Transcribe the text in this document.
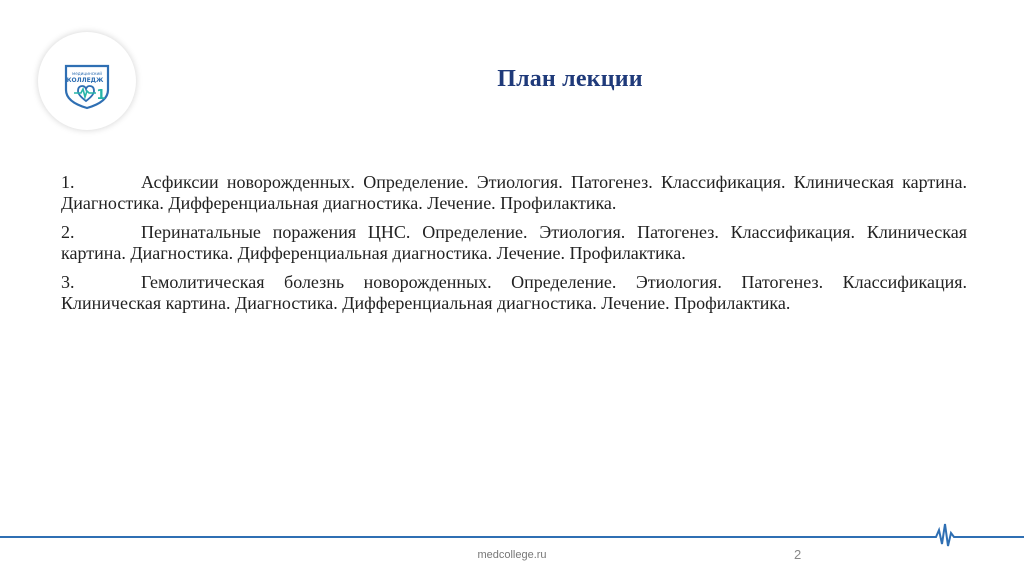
медицинский
КОЛЛЕДЖ
1
План лекции

1.	Асфиксии новорожденных. Определение. Этиология. Патогенез. Классификация. Клиническая картина. Диагностика. Дифференциальная диагностика. Лечение. Профилактика.

2.	Перинатальные поражения ЦНС. Определение. Этиология. Патогенез. Классификация. Клиническая картина. Диагностика. Дифференциальная диагностика. Лечение. Профилактика.

3.	Гемолитическая болезнь новорожденных. Определение. Этиология. Патогенез. Классификация. Клиническая картина. Диагностика. Дифференциальная диагностика. Лечение. Профилактика.

medcollege.ru	2
